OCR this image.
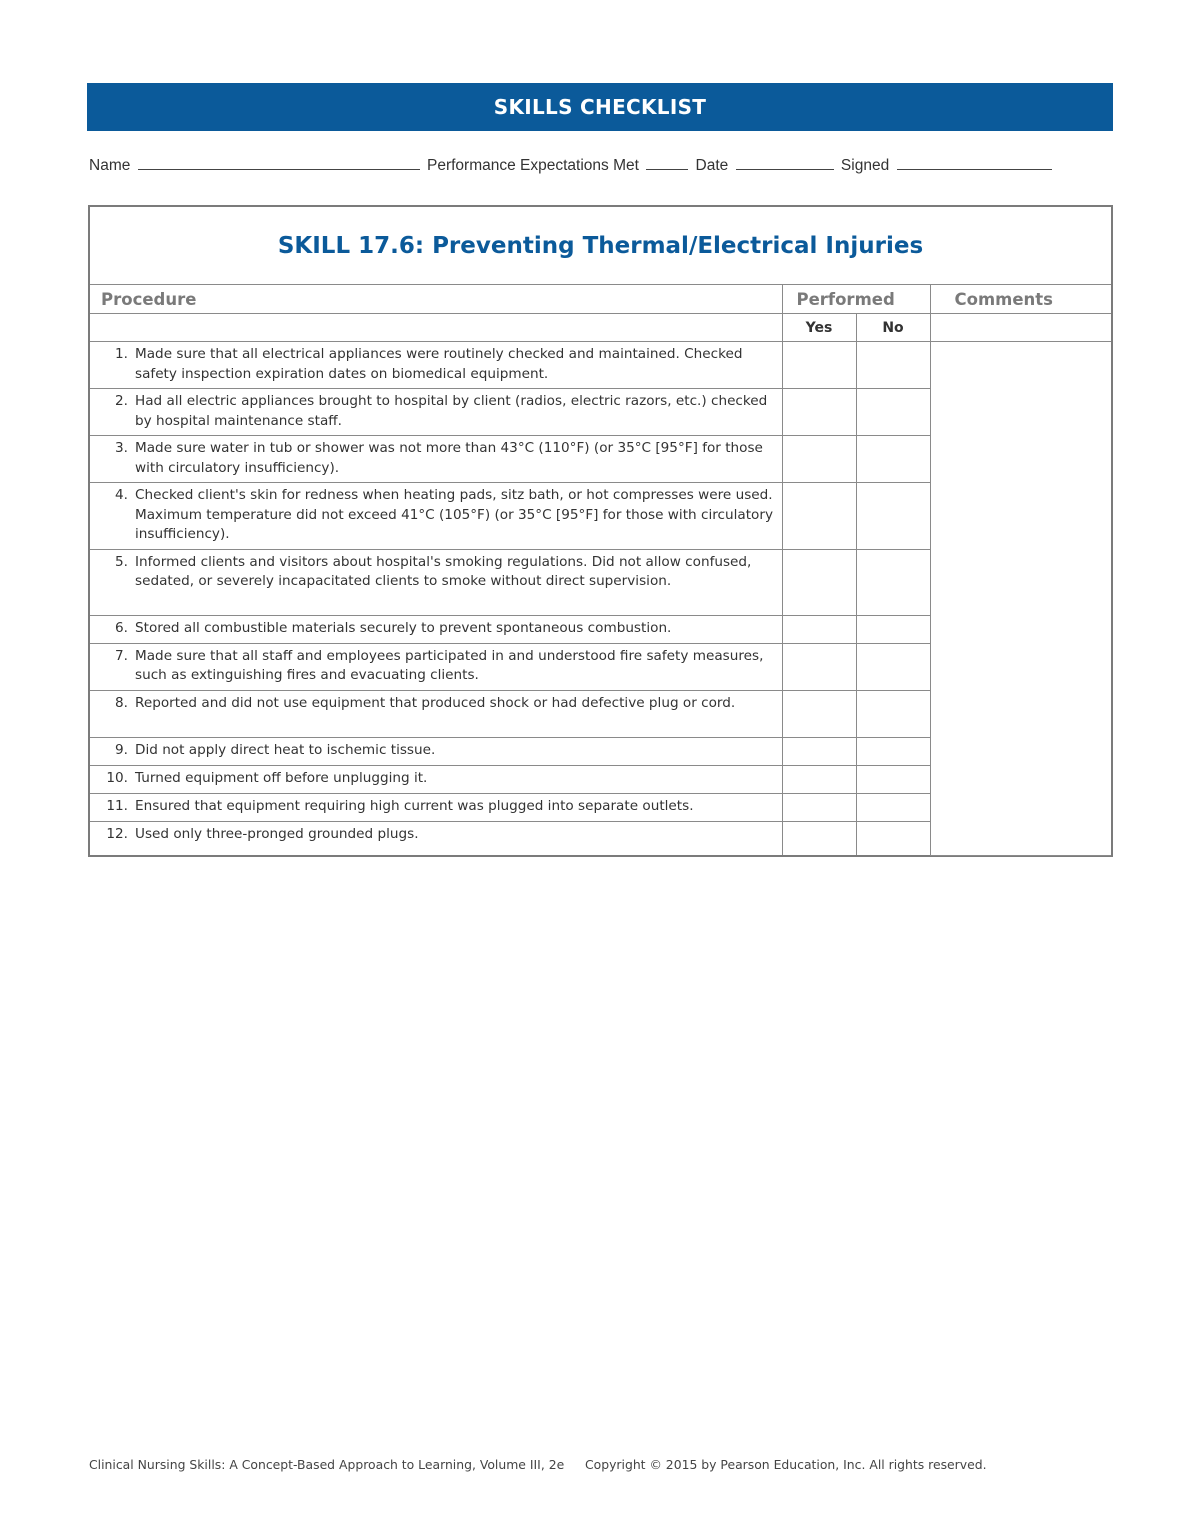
SKILLS CHECKLIST
Name	Performance Expectations Met	Date	Signed
SKILL 17.6: Preventing Thermal/Electrical Injuries
Procedure	Performed		Comments
	Yes	No	

1. Made sure that all electrical appliances were routinely checked and maintained. Checked safety inspection expiration dates on biomedical equipment.			

2. Had all electric appliances brought to hospital by client (radios, electric razors, etc.) checked by hospital maintenance staff.			

3. Made sure water in tub or shower was not more than 43°C (110°F) (or 35°C [95°F] for those with circulatory insufficiency).			

4. Checked client's skin for redness when heating pads, sitz bath, or hot compresses were used. Maximum temperature did not exceed 41°C (105°F) (or 35°C [95°F] for those with circulatory insufficiency).			

5. Informed clients and visitors about hospital's smoking regulations. Did not allow confused, sedated, or severely incapacitated clients to smoke without direct supervision.			

6. Stored all combustible materials securely to prevent spontaneous combustion.			

7. Made sure that all staff and employees participated in and understood fire safety measures, such as extinguishing fires and evacuating clients.			

8. Reported and did not use equipment that produced shock or had defective plug or cord.			

9. Did not apply direct heat to ischemic tissue.			

10. Turned equipment off before unplugging it.			

11. Ensured that equipment requiring high current was plugged into separate outlets.			

12. Used only three-pronged grounded plugs.			

Clinical Nursing Skills: A Concept-Based Approach to Learning, Volume III, 2e Copyright © 2015 by Pearson Education, Inc. All rights reserved.
